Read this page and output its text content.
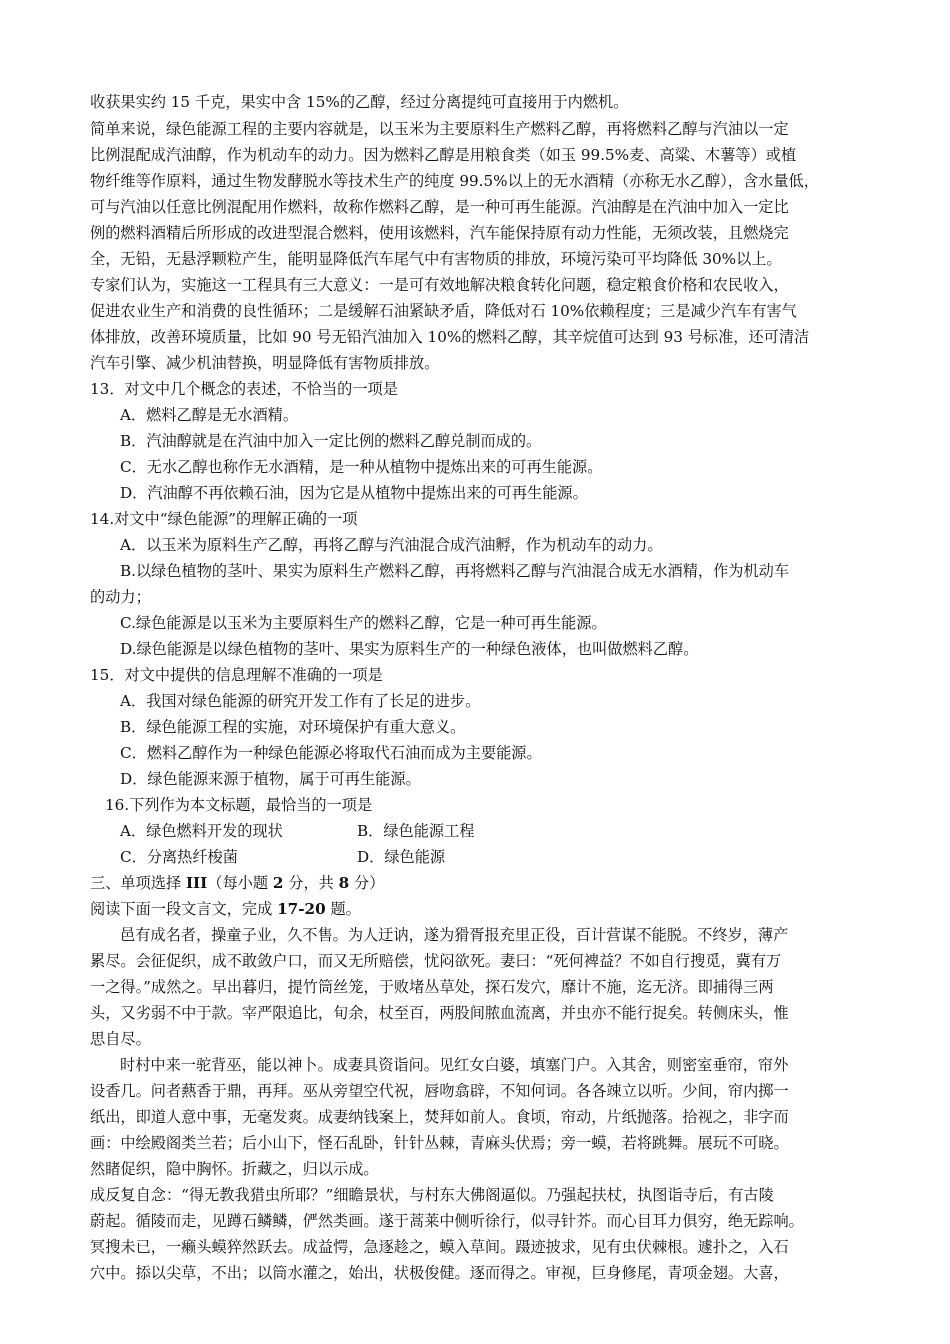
收获果实约 15 千克，果实中含 15%的乙醇，经过分离提纯可直接用于内燃机。
简单来说，绿色能源工程的主要内容就是，以玉米为主要原料生产燃料乙醇，再将燃料乙醇与汽油以一定
比例混配成汽油醇，作为机动车的动力。因为燃料乙醇是用粮食类（如玉 99.5%麦、高粱、木薯等）或植
物纤维等作原料，通过生物发酵脱水等技术生产的纯度 99.5%以上的无水酒精（亦称无水乙醇），含水量低，
可与汽油以任意比例混配用作燃料，故称作燃料乙醇，是一种可再生能源。汽油醇是在汽油中加入一定比
例的燃料酒精后所形成的改进型混合燃料，使用该燃料，汽车能保持原有动力性能，无须改装，且燃烧完
全，无铅，无悬浮颗粒产生，能明显降低汽车尾气中有害物质的排放，环境污染可平均降低 30%以上。
专家们认为，实施这一工程具有三大意义：一是可有效地解决粮食转化问题，稳定粮食价格和农民收入，
促进农业生产和消费的良性循环；二是缓解石油紧缺矛盾，降低对石 10%依赖程度；三是减少汽车有害气
体排放，改善环境质量，比如 90 号无铅汽油加入 10%的燃料乙醇，其辛烷值可达到 93 号标准，还可清洁
汽车引擎、减少机油替换，明显降低有害物质排放。
13．对文中几个概念的表述，不恰当的一项是
A．燃料乙醇是无水酒精。
B．汽油醇就是在汽油中加入一定比例的燃料乙醇兑制而成的。
C．无水乙醇也称作无水酒精，是一种从植物中提炼出来的可再生能源。
D．汽油醇不再依赖石油，因为它是从植物中提炼出来的可再生能源。
14.对文中“绿色能源”的理解正确的一项
A．以玉米为原料生产乙醇，再将乙醇与汽油混合成汽油孵，作为机动车的动力。
B.以绿色植物的茎叶、果实为原料生产燃料乙醇，再将燃料乙醇与汽油混合成无水酒精，作为机动车
的动力；
C.绿色能源是以玉米为主要原料生产的燃料乙醇，它是一种可再生能源。
D.绿色能源是以绿色植物的茎叶、果实为原料生产的一种绿色液体，也叫做燃料乙醇。
15．对文中提供的信息理解不准确的一项是
A．我国对绿色能源的研究开发工作有了长足的进步。
B．绿色能源工程的实施，对环境保护有重大意义。
C．燃料乙醇作为一种绿色能源必将取代石油而成为主要能源。
D．绿色能源来源于植物，属于可再生能源。
16.下列作为本文标题，最恰当的一项是
A．绿色燃料开发的现状	B．绿色能源工程
C．分离热纤梭菌	D．绿色能源
三、单项选择 III（每小题 2 分，共 8 分）
阅读下面一段文言文，完成 17-20 题。
邑有成名者，操童子业，久不售。为人迂讷，遂为猾胥报充里正役，百计营谋不能脱。不终岁，薄产
累尽。会征促织，成不敢敛户口，而又无所赔偿，忧闷欲死。妻曰：“死何裨益？不如自行搜觅，冀有万
一之得。”成然之。早出暮归，提竹筒丝笼，于败堵丛草处，探石发穴，靡计不施，迄无济。即捕得三两
头，又劣弱不中于款。宰严限追比，旬余，杖至百，两股间脓血流离，并虫亦不能行捉矣。转侧床头，惟
思自尽。
时村中来一驼背巫，能以神卜。成妻具资诣问。见红女白婆，填塞门户。入其舍，则密室垂帘，帘外
设香几。问者爇香于鼎，再拜。巫从旁望空代祝，唇吻翕辟，不知何词。各各竦立以听。少间，帘内掷一
纸出，即道人意中事，无毫发爽。成妻纳钱案上，焚拜如前人。食顷，帘动，片纸抛落。拾视之，非字而
画：中绘殿阁类兰若；后小山下，怪石乱卧，针针丛棘，青麻头伏焉；旁一蟆，若将跳舞。展玩不可晓。
然睹促织，隐中胸怀。折藏之，归以示成。
成反复自念：“得无教我猎虫所耶？”细瞻景状，与村东大佛阁逼似。乃强起扶杖，执图诣寺后，有古陵
蔚起。循陵而走，见蹲石鳞鳞，俨然类画。遂于蒿莱中侧听徐行，似寻针芥。而心目耳力俱穷，绝无踪响。
冥搜未已，一癞头蟆猝然跃去。成益愕，急逐趁之，蟆入草间。蹑迹披求，见有虫伏棘根。遽扑之，入石
穴中。掭以尖草，不出；以筒水灌之，始出，状极俊健。逐而得之。审视，巨身修尾，青项金翅。大喜，
